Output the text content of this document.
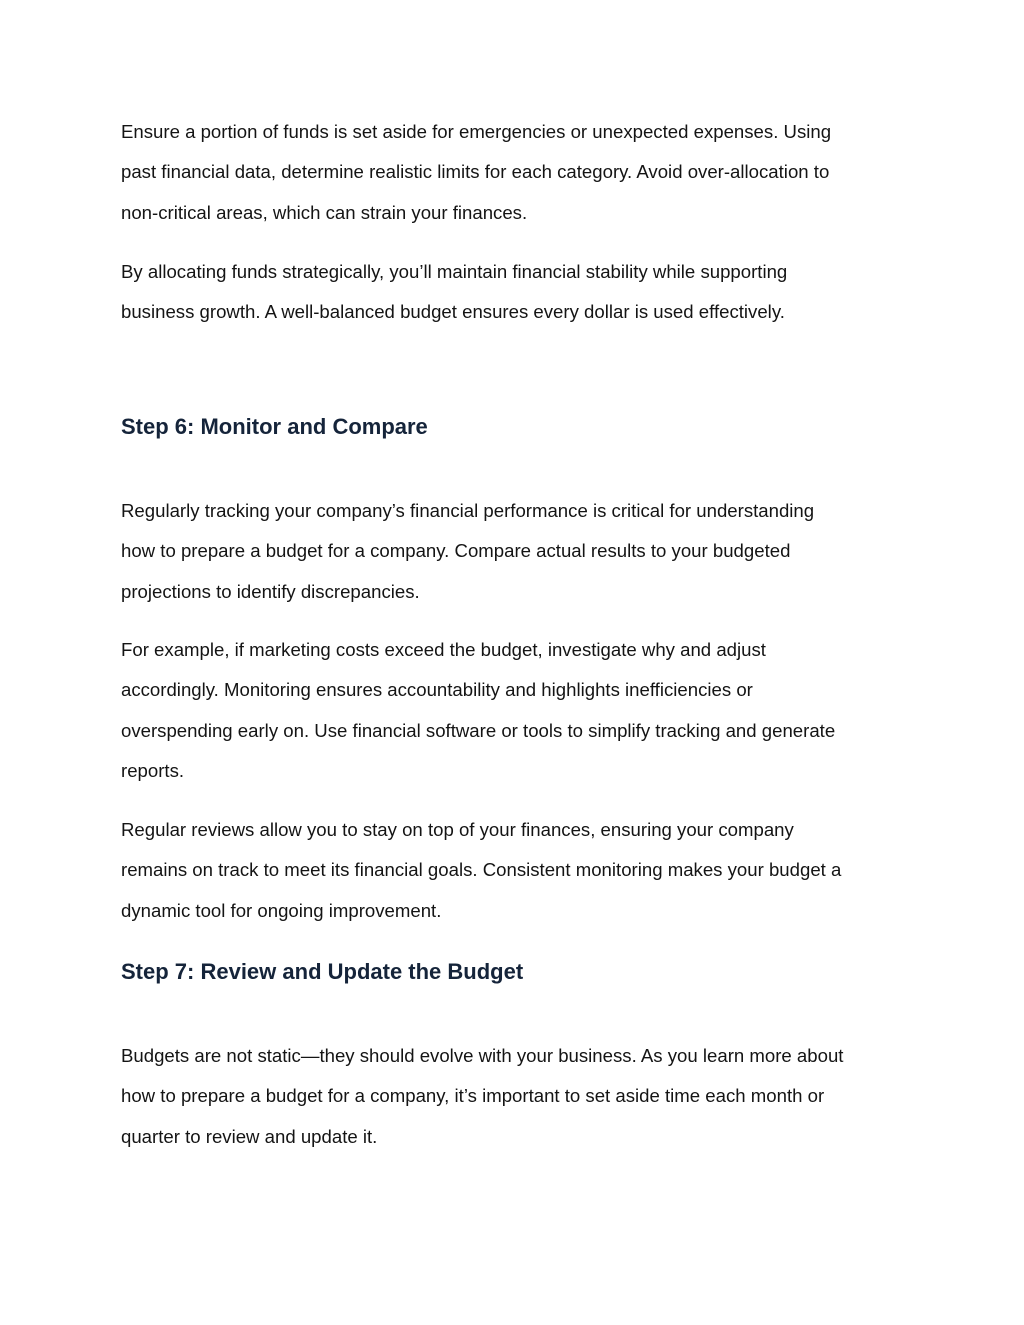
Ensure a portion of funds is set aside for emergencies or unexpected expenses. Using
past financial data, determine realistic limits for each category. Avoid over-allocation to
non-critical areas, which can strain your finances.

By allocating funds strategically, you’ll maintain financial stability while supporting
business growth. A well-balanced budget ensures every dollar is used effectively.

Step 6: Monitor and Compare

Regularly tracking your company’s financial performance is critical for understanding
how to prepare a budget for a company. Compare actual results to your budgeted
projections to identify discrepancies.

For example, if marketing costs exceed the budget, investigate why and adjust
accordingly. Monitoring ensures accountability and highlights inefficiencies or
overspending early on. Use financial software or tools to simplify tracking and generate
reports.

Regular reviews allow you to stay on top of your finances, ensuring your company
remains on track to meet its financial goals. Consistent monitoring makes your budget a
dynamic tool for ongoing improvement.

Step 7: Review and Update the Budget

Budgets are not static—they should evolve with your business. As you learn more about
how to prepare a budget for a company, it’s important to set aside time each month or
quarter to review and update it.
